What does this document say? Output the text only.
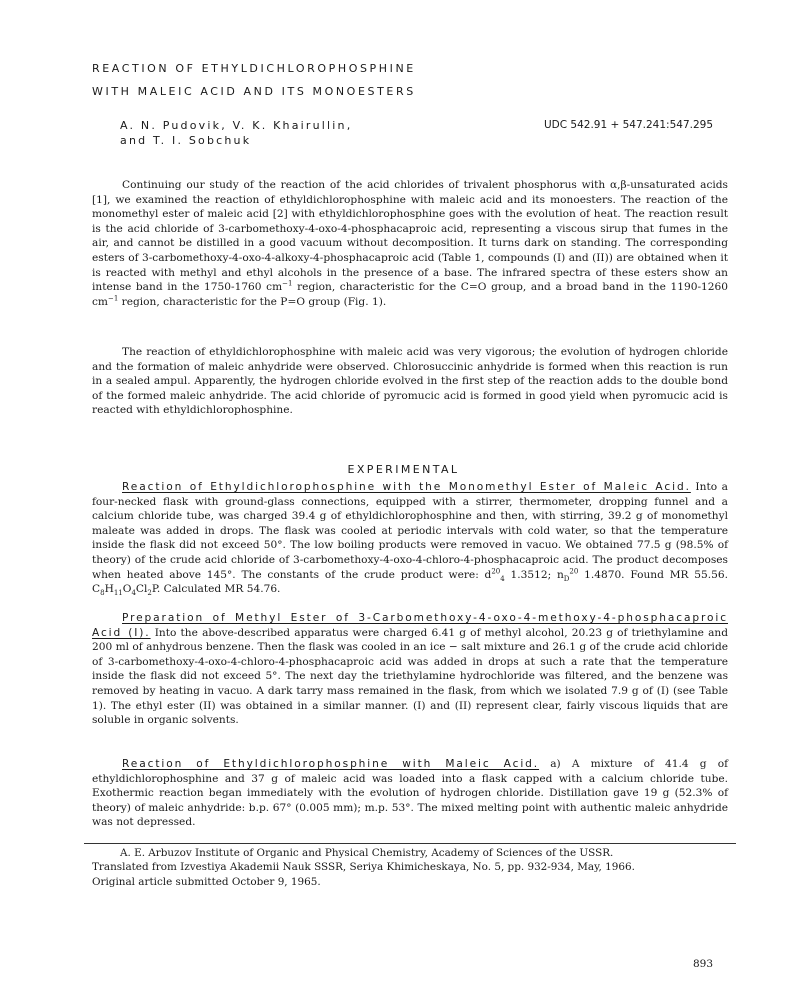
REACTION OF ETHYLDICHLOROPHOSPHINE
WITH MALEIC ACID AND ITS MONOESTERS
A. N. Pudovik, V. K. Khairullin,
and T. I. Sobchuk
UDC 542.91 + 547.241:547.295

Continuing our study of the reaction of the acid chlorides of trivalent phosphorus with α,β-unsaturated acids [1], we examined the reaction of ethyldichlorophosphine with maleic acid and its monoesters. The reaction of the monomethyl ester of maleic acid [2] with ethyldichlorophosphine goes with the evolution of heat. The reaction result is the acid chloride of 3-carbomethoxy-4-oxo-4-phosphacaproic acid, representing a viscous sirup that fumes in the air, and cannot be distilled in a good vacuum without decomposition. It turns dark on standing. The corresponding esters of 3-carbomethoxy-4-oxo-4-alkoxy-4-phosphacaproic acid (Table 1, compounds (I) and (II)) are obtained when it is reacted with methyl and ethyl alcohols in the presence of a base. The infrared spectra of these esters show an intense band in the 1750-1760 $cm^{-1}$ region, characteristic for the C=O group, and a broad band in the 1190-1260 $cm^{-1}$ region, characteristic for the P=O group (Fig. 1).

The reaction of ethyldichlorophosphine with maleic acid was very vigorous; the evolution of hydrogen chloride and the formation of maleic anhydride were observed. Chlorosuccinic anhydride is formed when this reaction is run in a sealed ampul. Apparently, the hydrogen chloride evolved in the first step of the reaction adds to the double bond of the formed maleic anhydride. The acid chloride of pyromucic acid is formed in good yield when pyromucic acid is reacted with ethyldichlorophosphine.

EXPERIMENTAL

Reaction of Ethyldichlorophosphine with the Monomethyl Ester of Maleic Acid. Into a four-necked flask with ground-glass connections, equipped with a stirrer, thermometer, dropping funnel and a calcium chloride tube, was charged 39.4 g of ethyldichlorophosphine and then, with stirring, 39.2 g of monomethyl maleate was added in drops. The flask was cooled at periodic intervals with cold water, so that the temperature inside the flask did not exceed 50°. The low boiling products were removed in vacuo. We obtained 77.5 g (98.5% of theory) of the crude acid chloride of 3-carbomethoxy-4-oxo-4-chloro-4-phosphacaproic acid. The product decomposes when heated above 145°. The constants of the crude product were: $d^{20}_4$ 1.3512; $n_D^{20}$ 1.4870. Found MR 55.56. $C_8H_{11}O_4Cl_2P$. Calculated MR 54.76.

Preparation of Methyl Ester of 3-Carbomethoxy-4-oxo-4-methoxy-4-phosphacaproic Acid (I). Into the above-described apparatus were charged 6.41 g of methyl alcohol, 20.23 g of triethylamine and 200 ml of anhydrous benzene. Then the flask was cooled in an ice − salt mixture and 26.1 g of the crude acid chloride of 3-carbomethoxy-4-oxo-4-chloro-4-phosphacaproic acid was added in drops at such a rate that the temperature inside the flask did not exceed 5°. The next day the triethylamine hydrochloride was filtered, and the benzene was removed by heating in vacuo. A dark tarry mass remained in the flask, from which we isolated 7.9 g of (I) (see Table 1). The ethyl ester (II) was obtained in a similar manner. (I) and (II) represent clear, fairly viscous liquids that are soluble in organic solvents.

Reaction of Ethyldichlorophosphine with Maleic Acid. a) A mixture of 41.4 g of ethyldichlorophosphine and 37 g of maleic acid was loaded into a flask capped with a calcium chloride tube. Exothermic reaction began immediately with the evolution of hydrogen chloride. Distillation gave 19 g (52.3% of theory) of maleic anhydride: b.p. 67° (0.005 mm); m.p. 53°. The mixed melting point with authentic maleic anhydride was not depressed.

A. E. Arbuzov Institute of Organic and Physical Chemistry, Academy of Sciences of the USSR.
Translated from Izvestiya Akademii Nauk SSSR, Seriya Khimicheskaya, No. 5, pp. 932-934, May, 1966.
Original article submitted October 9, 1965.
893
